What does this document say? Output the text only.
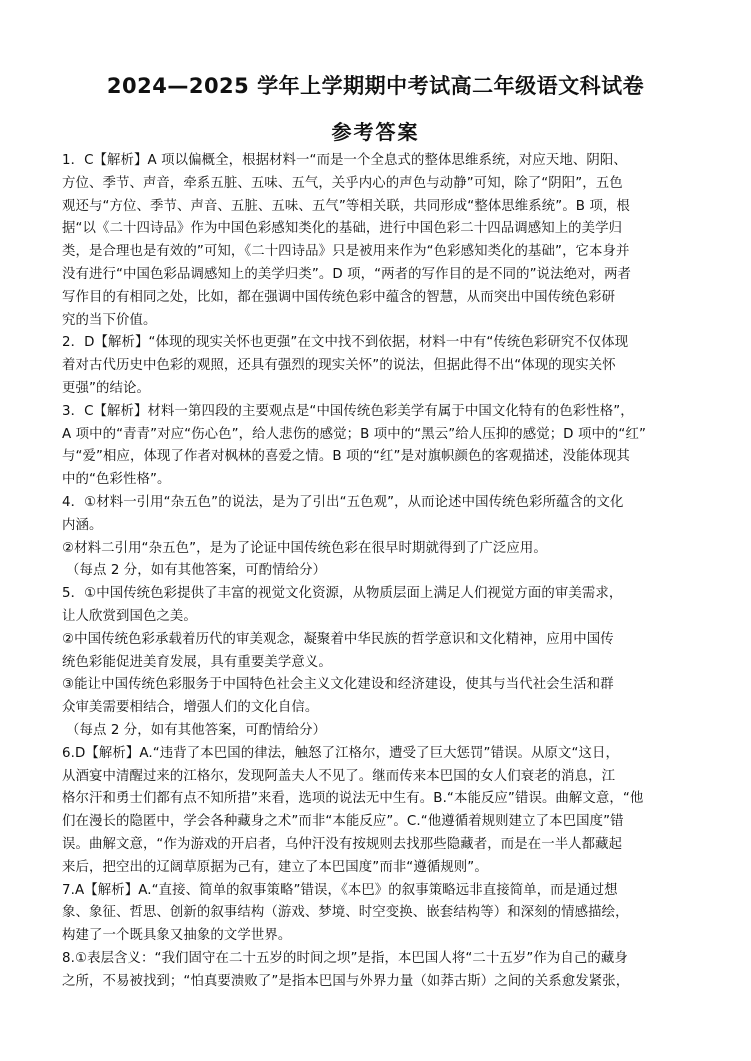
2024—2025 学年上学期期中考试高二年级语文科试卷
参考答案
1．C【解析】A 项以偏概全，根据材料一“而是一个全息式的整体思维系统，对应天地、阴阳、
方位、季节、声音，牵系五脏、五味、五气，关乎内心的声色与动静”可知，除了“阴阳”，五色
观还与“方位、季节、声音、五脏、五味、五气”等相关联，共同形成“整体思维系统”。B 项，根
据“以《二十四诗品》作为中国色彩感知类化的基础，进行中国色彩二十四品调感知上的美学归
类，是合理也是有效的”可知，《二十四诗品》只是被用来作为“色彩感知类化的基础”，它本身并
没有进行“中国色彩品调感知上的美学归类”。D 项，“两者的写作目的是不同的”说法绝对，两者
写作目的有相同之处，比如，都在强调中国传统色彩中蕴含的智慧，从而突出中国传统色彩研
究的当下价值。
2．D【解析】“体现的现实关怀也更强”在文中找不到依据，材料一中有“传统色彩研究不仅体现
着对古代历史中色彩的观照，还具有强烈的现实关怀”的说法，但据此得不出“体现的现实关怀
更强”的结论。
3．C【解析】材料一第四段的主要观点是“中国传统色彩美学有属于中国文化特有的色彩性格”，
A 项中的“青青”对应“伤心色”，给人悲伤的感觉；B 项中的“黑云”给人压抑的感觉；D 项中的“红”
与“爱”相应，体现了作者对枫林的喜爱之情。B 项的“红”是对旗帜颜色的客观描述，没能体现其
中的“色彩性格”。
4．①材料一引用“杂五色”的说法，是为了引出“五色观”，从而论述中国传统色彩所蕴含的文化
内涵。
②材料二引用“杂五色”，是为了论证中国传统色彩在很早时期就得到了广泛应用。
（每点 2 分，如有其他答案，可酌情给分）
5．①中国传统色彩提供了丰富的视觉文化资源，从物质层面上满足人们视觉方面的审美需求，
让人欣赏到国色之美。
②中国传统色彩承载着历代的审美观念，凝聚着中华民族的哲学意识和文化精神，应用中国传
统色彩能促进美育发展，具有重要美学意义。
③能让中国传统色彩服务于中国特色社会主义文化建设和经济建设，使其与当代社会生活和群
众审美需要相结合，增强人们的文化自信。
（每点 2 分，如有其他答案，可酌情给分）
6.D【解析】A.“违背了本巴国的律法，触怒了江格尔，遭受了巨大惩罚”错误。从原文“这日，
从酒宴中清醒过来的江格尔，发现阿盖夫人不见了。继而传来本巴国的女人们衰老的消息，江
格尔汗和勇士们都有点不知所措”来看，选项的说法无中生有。B.“本能反应”错误。曲解文意，“他
们在漫长的隐匿中，学会各种藏身之术”而非“本能反应”。C.“他遵循着规则建立了本巴国度”错
误。曲解文意，“作为游戏的开启者，乌仲汗没有按规则去找那些隐藏者，而是在一半人都藏起
来后，把空出的辽阔草原据为己有，建立了本巴国度”而非“遵循规则”。
7.A【解析】A.“直接、简单的叙事策略”错误，《本巴》的叙事策略远非直接简单，而是通过想
象、象征、哲思、创新的叙事结构（游戏、梦境、时空变换、嵌套结构等）和深刻的情感描绘，
构建了一个既具象又抽象的文学世界。
8.①表层含义：“我们固守在二十五岁的时间之坝”是指，本巴国人将“二十五岁”作为自己的藏身
之所，不易被找到；“怕真要溃败了”是指本巴国与外界力量（如莽古斯）之间的关系愈发紧张，
